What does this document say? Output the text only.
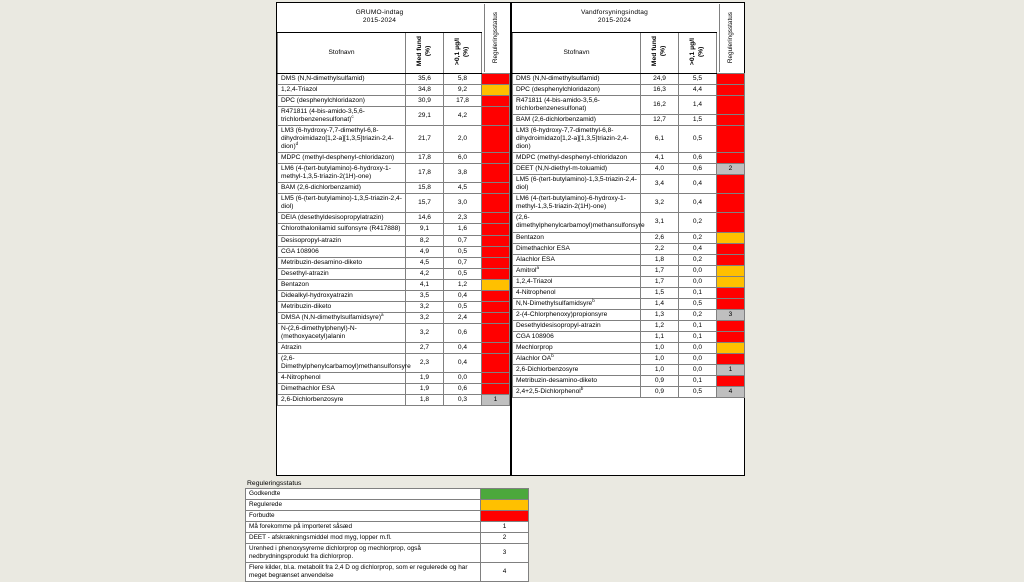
GRUMO-indtag
2015-2024			Reguleringsstatus

Stofnavn	Med fund
(%)	>0,1 µg/l
(%)	
DMS (N,N-dimethylsulfamid)	35,6	5,8	
1,2,4-Triazol	34,8	9,2	
DPC (desphenylchloridazon)	30,9	17,8	
R471811 (4-bis-amido-3,5,6-trichlorbenzenesulfonat)$^c$	29,1	4,2	
LM3 (6-hydroxy-7,7-dimethyl-6,8-dihydroimidazo[1,2-a][1,3,5]triazin-2,4-dion)$^d$	21,7	2,0	
MDPC (methyl-desphenyl-chloridazon)	17,8	6,0	
LM6 (4-(tert-butylamino)-6-hydroxy-1-methyl-1,3,5-triazin-2(1H)-one)	17,8	3,8	
BAM (2,6-dichlorbenzamid)	15,8	4,5	
LM5 (6-(tert-butylamino)-1,3,5-triazin-2,4-diol)	15,7	3,0	
DEIA (desethyldesisopropylatrazin)	14,6	2,3	
Chlorothalonilamid sulfonsyre (R417888)	9,1	1,6	
Desisopropyl-atrazin	8,2	0,7	
CGA 108906	4,9	0,5	
Metribuzin-desamino-diketo	4,5	0,7	
Desethyl-atrazin	4,2	0,5	
Bentazon	4,1	1,2	
Didealkyl-hydroxyatrazin	3,5	0,4	
Metribuzin-diketo	3,2	0,5	
DMSA (N,N-dimethylsulfamidsyre)$^a$	3,2	2,4	
N-(2,6-dimethylphenyl)-N-(methoxyacetyl)alanin	3,2	0,6	
Atrazin	2,7	0,4	
(2,6-Dimethylphenylcarbamoyl)methansulfonsyre	2,3	0,4	
4-Nitrophenol	1,9	0,0	
Dimethachlor ESA	1,9	0,6	
2,6-Dichlorbenzosyre	1,8	0,3	1
Vandforsyningsindtag
2015-2024			Reguleringsstatus

Stofnavn	Med fund
(%)	>0,1 µg/l
(%)	
DMS (N,N-dimethylsulfamid)	24,9	5,5	
DPC (desphenylchloridazon)	16,3	4,4	
R471811 (4-bis-amido-3,5,6-trichlorbenzenesulfonat)	16,2	1,4	
BAM (2,6-dichlorbenzamid)	12,7	1,5	
LM3 (6-hydroxy-7,7-dimethyl-6,8-dihydroimidazo[1,2-a][1,3,5]triazin-2,4-dion)	6,1	0,5	
MDPC (methyl-desphenyl-chloridazon	4,1	0,6	
DEET (N,N-diethyl-m-toluamid)	4,0	0,6	2
LM5 (6-(tert-butylamino)-1,3,5-triazin-2,4-diol)	3,4	0,4	
LM6 (4-(tert-butylamino)-6-hydroxy-1-methyl-1,3,5-triazin-2(1H)-one)	3,2	0,4	
(2,6-dimethylphenylcarbamoyl)methansulfonsyre	3,1	0,2	
Bentazon	2,6	0,2	
Dimethachlor ESA	2,2	0,4	
Alachlor ESA	1,8	0,2	
Amitrol$^a$	1,7	0,0	
1,2,4-Triazol	1,7	0,0	
4-Nitrophenol	1,5	0,1	
N,N-Dimethylsulfamidsyre$^b$	1,4	0,5	
2-(4-Chlorphenoxy)propionsyre	1,3	0,2	3
Desethyldesisopropyl-atrazin	1,2	0,1	
CGA 108906	1,1	0,1	
Mechlorprop	1,0	0,0	
Alachlor $OA^b$	1,0	0,0	
2,6-Dichlorbenzosyre	1,0	0,0	1
Metribuzin-desamino-diketo	0,9	0,1	
2,4+2,5-Dichlorphenol$^b$	0,9	0,5	4
Reguleringsstatus
Godkendte	
Regulerede	
Forbudte	
Må forekomme på importeret såsæd	1
DEET - afskrækningsmiddel mod myg, lopper m.fl.	2
Urenhed i phenoxysyrerne dichlorprop og mechlorprop, også nedbrydningsprodukt fra dichlorprop.	3
Flere kilder, bl.a. metabolit fra 2,4 D og dichlorprop, som er regulerede og har meget begrænset anvendelse	4
